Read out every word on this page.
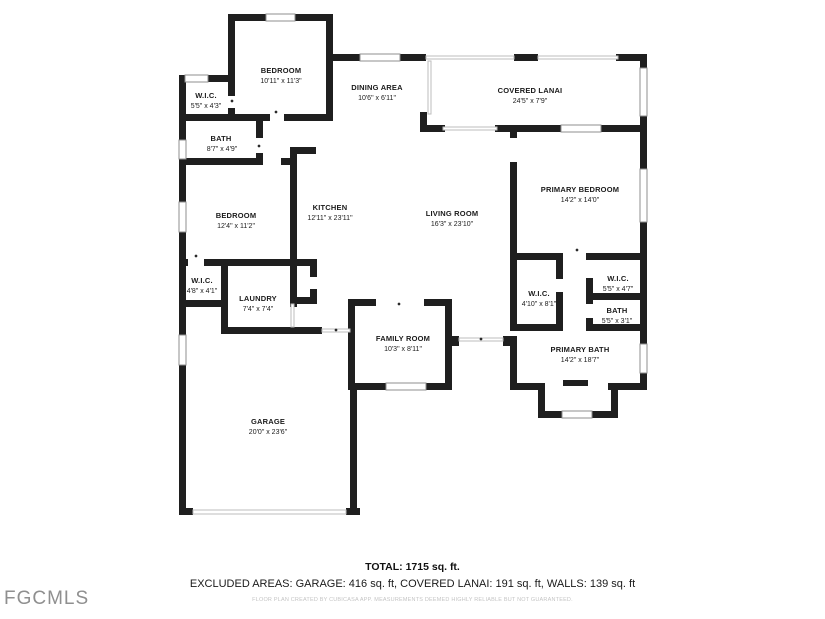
BEDROOM
10'11" x 11'3"
W.I.C.
5'5" x 4'3"
BATH
8'7" x 4'9"
DINING AREA
10'6" x 6'11"
COVERED LANAI
24'5" x 7'9"
BEDROOM
12'4" x 11'2"
KITCHEN
12'11" x 23'11"
LIVING ROOM
16'3" x 23'10"
PRIMARY BEDROOM
14'2" x 14'0"
W.I.C.
4'8" x 4'1"
LAUNDRY
7'4" x 7'4"
W.I.C.
4'10" x 8'1"
W.I.C.
5'5" x 4'7"
BATH
5'5" x 3'1"
PRIMARY BATH
14'2" x 18'7"
FAMILY ROOM
10'3" x 8'11"
GARAGE
20'0" x 23'6"
TOTAL: 1715 sq. ft.
EXCLUDED AREAS: GARAGE: 416 sq. ft, COVERED LANAI: 191 sq. ft, WALLS: 139 sq. ft
FLOOR PLAN CREATED BY CUBICASA APP. MEASUREMENTS DEEMED HIGHLY RELIABLE BUT NOT GUARANTEED.
FGCMLS
